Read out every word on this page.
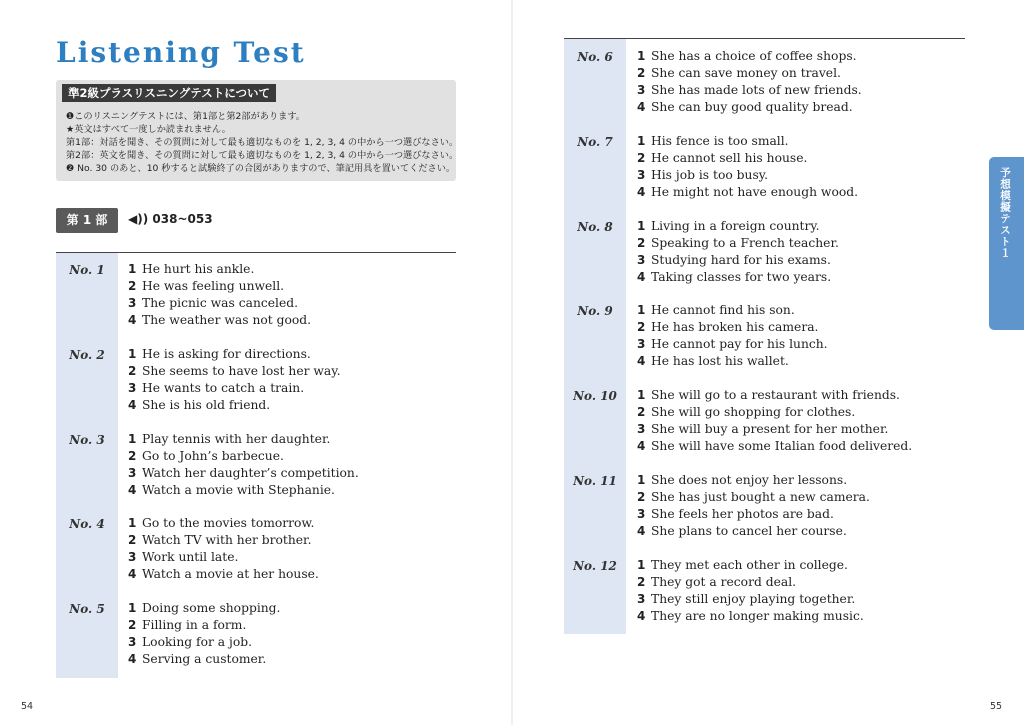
Listening Test
準2級プラスリスニングテストについて
❶このリスニングテストには、第1部と第2部があります。
★英文はすべて一度しか読まれません。
第1部：対話を聞き、その質問に対して最も適切なものを 1, 2, 3, 4 の中から一つ選びなさい。
第2部：英文を聞き、その質問に対して最も適切なものを 1, 2, 3, 4 の中から一つ選びなさい。
❷ No. 30 のあと、10 秒すると試験終了の合図がありますので、筆記用具を置いてください。
第 1 部	◀)) 038~053
No. 1	1 He hurt his ankle.
2 He was feeling unwell.
3 The picnic was canceled.
4 The weather was not good.
No. 2	1 He is asking for directions.
2 She seems to have lost her way.
3 He wants to catch a train.
4 She is his old friend.
No. 3	1 Play tennis with her daughter.
2 Go to John’s barbecue.
3 Watch her daughter’s competition.
4 Watch a movie with Stephanie.
No. 4	1 Go to the movies tomorrow.
2 Watch TV with her brother.
3 Work until late.
4 Watch a movie at her house.
No. 5	1 Doing some shopping.
2 Filling in a form.
3 Looking for a job.
4 Serving a customer.
54
No. 6	1 She has a choice of coffee shops.
2 She can save money on travel.
3 She has made lots of new friends.
4 She can buy good quality bread.
No. 7	1 His fence is too small.
2 He cannot sell his house.
3 His job is too busy.
4 He might not have enough wood.
No. 8	1 Living in a foreign country.
2 Speaking to a French teacher.
3 Studying hard for his exams.
4 Taking classes for two years.
No. 9	1 He cannot find his son.
2 He has broken his camera.
3 He cannot pay for his lunch.
4 He has lost his wallet.
No. 10	1 She will go to a restaurant with friends.
2 She will go shopping for clothes.
3 She will buy a present for her mother.
4 She will have some Italian food delivered.
No. 11	1 She does not enjoy her lessons.
2 She has just bought a new camera.
3 She feels her photos are bad.
4 She plans to cancel her course.
No. 12	1 They met each other in college.
2 They got a record deal.
3 They still enjoy playing together.
4 They are no longer making music.
予想模擬テスト１
55
